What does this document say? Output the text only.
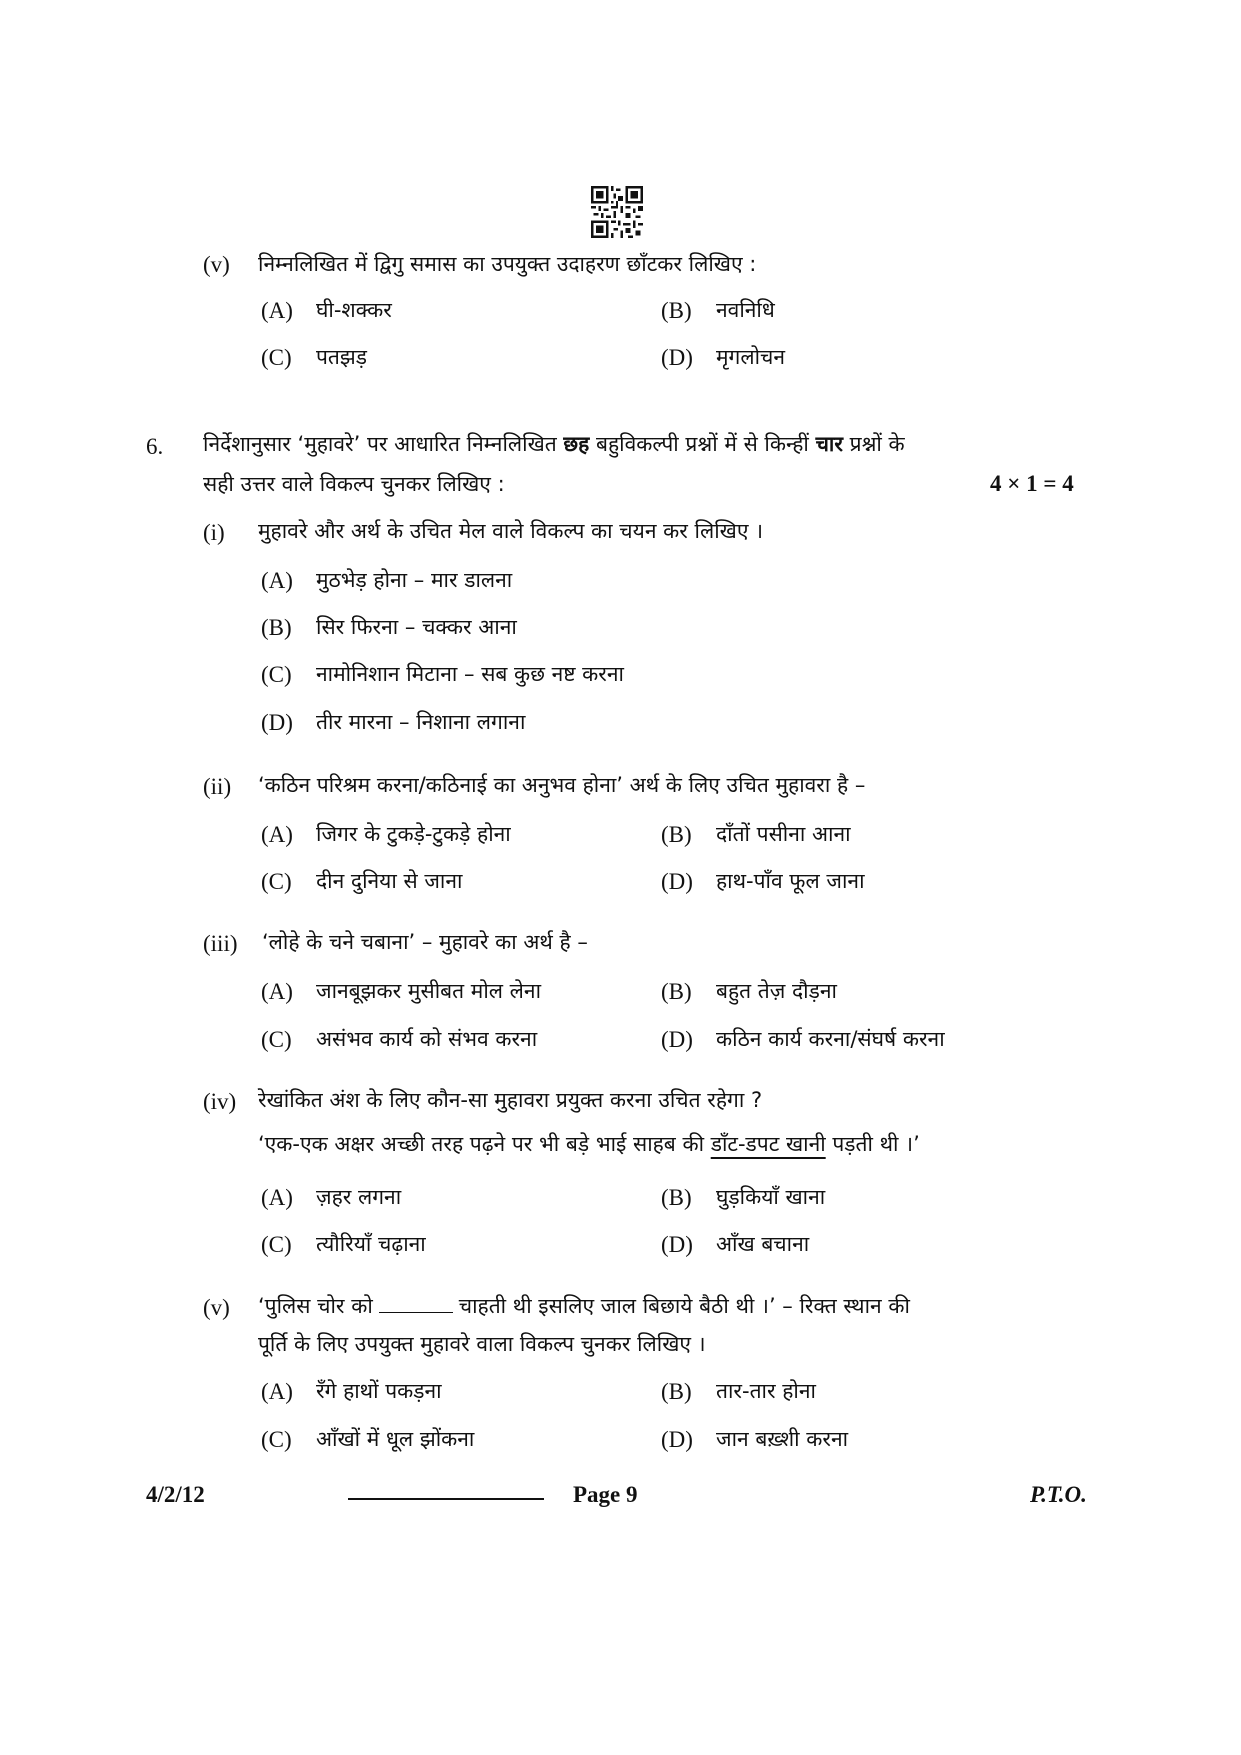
(v) निम्नलिखित में द्विगु समास का उपयुक्त उदाहरण छाँटकर लिखिए :
(A) घी-शक्कर	(B) नवनिधि
(C) पतझड़	(D) मृगलोचन
6. निर्देशानुसार ‘मुहावरे’ पर आधारित निम्नलिखित छह बहुविकल्पी प्रश्नों में से किन्हीं चार प्रश्नों के
सही उत्तर वाले विकल्प चुनकर लिखिए :	4 × 1 = 4
(i) मुहावरे और अर्थ के उचित मेल वाले विकल्प का चयन कर लिखिए ।
(A) मुठभेड़ होना – मार डालना
(B) सिर फिरना – चक्कर आना
(C) नामोनिशान मिटाना – सब कुछ नष्ट करना
(D) तीर मारना – निशाना लगाना
(ii) ‘कठिन परिश्रम करना/कठिनाई का अनुभव होना’ अर्थ के लिए उचित मुहावरा है –
(A) जिगर के टुकड़े-टुकड़े होना	(B) दाँतों पसीना आना
(C) दीन दुनिया से जाना	(D) हाथ-पाँव फूल जाना
(iii) ‘लोहे के चने चबाना’ – मुहावरे का अर्थ है –
(A) जानबूझकर मुसीबत मोल लेना	(B) बहुत तेज़ दौड़ना
(C) असंभव कार्य को संभव करना	(D) कठिन कार्य करना/संघर्ष करना
(iv) रेखांकित अंश के लिए कौन-सा मुहावरा प्रयुक्त करना उचित रहेगा ?
‘एक-एक अक्षर अच्छी तरह पढ़ने पर भी बड़े भाई साहब की डाँट-डपट खानी पड़ती थी ।’
(A) ज़हर लगना	(B) घुड़कियाँ खाना
(C) त्यौरियाँ चढ़ाना	(D) आँख बचाना
(v) ‘पुलिस चोर को	चाहती थी इसलिए जाल बिछाये बैठी थी ।’ – रिक्त स्थान की
पूर्ति के लिए उपयुक्त मुहावरे वाला विकल्प चुनकर लिखिए ।
(A) रँगे हाथों पकड़ना	(B) तार-तार होना
(C) आँखों में धूल झोंकना	(D) जान बख़्शी करना
4/2/12	Page 9	P.T.O.
